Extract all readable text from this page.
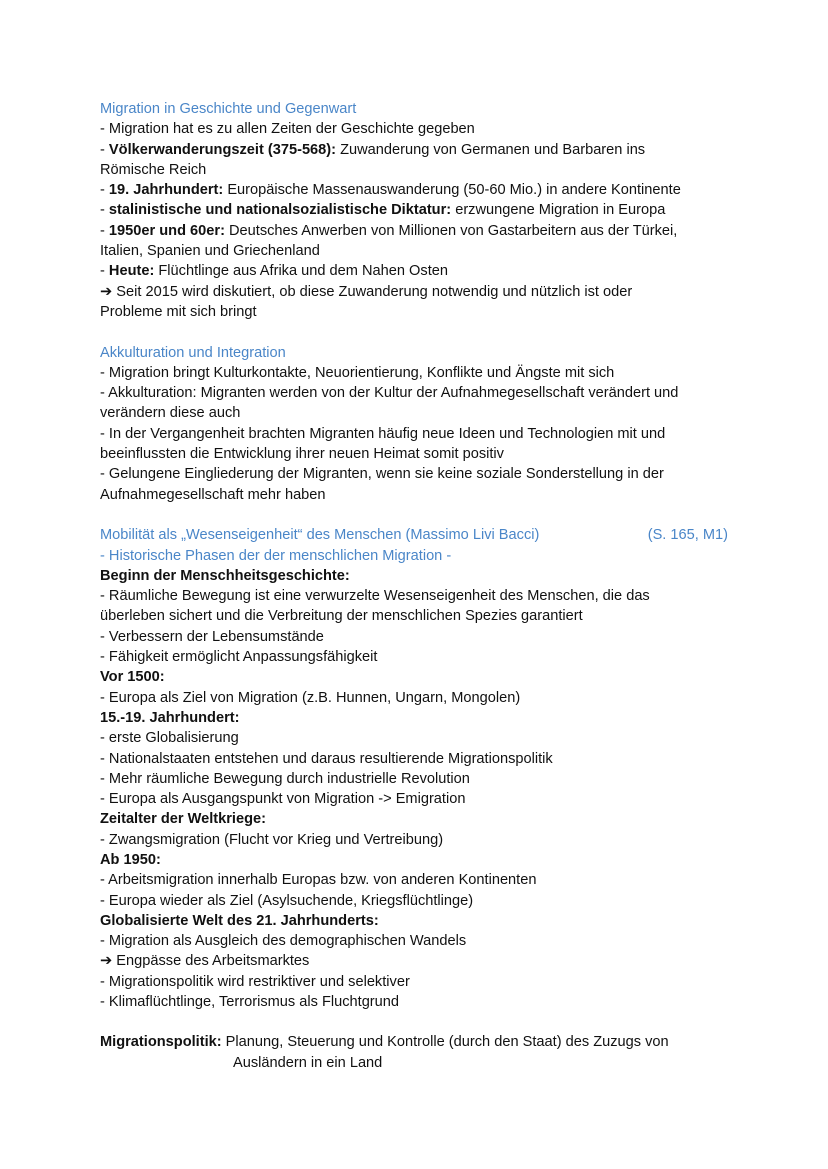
Migration in Geschichte und Gegenwart

- Migration hat es zu allen Zeiten der Geschichte gegeben

- Völkerwanderungszeit (375-568): Zuwanderung von Germanen und Barbaren ins

Römische Reich

- 19. Jahrhundert: Europäische Massenauswanderung (50-60 Mio.) in andere Kontinente

- stalinistische und nationalsozialistische Diktatur: erzwungene Migration in Europa

- 1950er und 60er: Deutsches Anwerben von Millionen von Gastarbeitern aus der Türkei,

Italien, Spanien und Griechenland

- Heute: Flüchtlinge aus Afrika und dem Nahen Osten

➔ Seit 2015 wird diskutiert, ob diese Zuwanderung notwendig und nützlich ist oder

Probleme mit sich bringt

Akkulturation und Integration

- Migration bringt Kulturkontakte, Neuorientierung, Konflikte und Ängste mit sich

- Akkulturation: Migranten werden von der Kultur der Aufnahmegesellschaft verändert und

verändern diese auch

- In der Vergangenheit brachten Migranten häufig neue Ideen und Technologien mit und

beeinflussten die Entwicklung ihrer neuen Heimat somit positiv

- Gelungene Eingliederung der Migranten, wenn sie keine soziale Sonderstellung in der

Aufnahmegesellschaft mehr haben

Mobilität als „Wesenseigenheit“ des Menschen (Massimo Livi Bacci)	(S. 165, M1)

- Historische Phasen der der menschlichen Migration -

Beginn der Menschheitsgeschichte:

- Räumliche Bewegung ist eine verwurzelte Wesenseigenheit des Menschen, die das

überleben sichert und die Verbreitung der menschlichen Spezies garantiert

- Verbessern der Lebensumstände

- Fähigkeit ermöglicht Anpassungsfähigkeit

Vor 1500:

- Europa als Ziel von Migration (z.B. Hunnen, Ungarn, Mongolen)

15.-19. Jahrhundert:

- erste Globalisierung

- Nationalstaaten entstehen und daraus resultierende Migrationspolitik

- Mehr räumliche Bewegung durch industrielle Revolution

- Europa als Ausgangspunkt von Migration -> Emigration

Zeitalter der Weltkriege:

- Zwangsmigration (Flucht vor Krieg und Vertreibung)

Ab 1950:

- Arbeitsmigration innerhalb Europas bzw. von anderen Kontinenten

- Europa wieder als Ziel (Asylsuchende, Kriegsflüchtlinge)

Globalisierte Welt des 21. Jahrhunderts:

- Migration als Ausgleich des demographischen Wandels

➔ Engpässe des Arbeitsmarktes

- Migrationspolitik wird restriktiver und selektiver

- Klimaflüchtlinge, Terrorismus als Fluchtgrund

Migrationspolitik: Planung, Steuerung und Kontrolle (durch den Staat) des Zuzugs von

Ausländern in ein Land
